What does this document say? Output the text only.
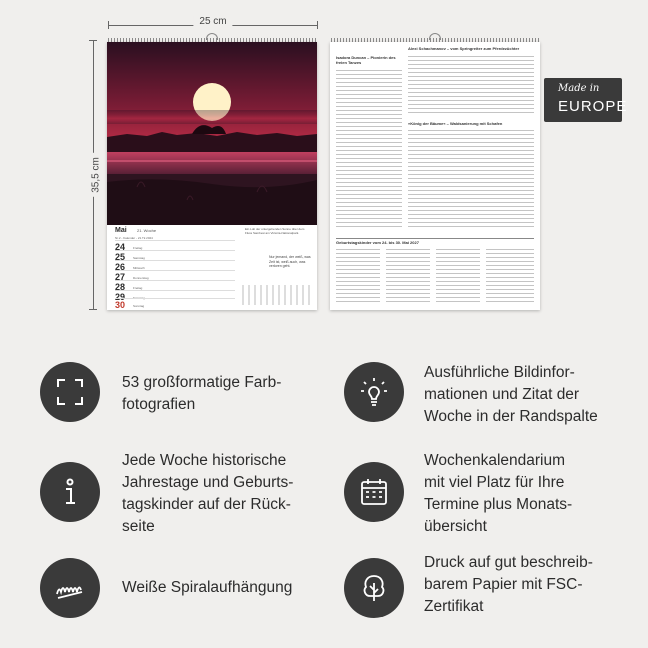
25 cm
35,5 cm
Mai	21. Woche
Nr.2 - Kalender - 21.Tk 2024
24	Freitag
25	Samstag
26	Mittwoch
27	Donnerstag
28	Freitag
29	Samstag
30	Sonntag
Ein Lob der untergehenden Sonne über dem Fluss Sambesi am Victoria-Nationalpark.
Nur jemand, der weiß, was Zeit ist, weiß auch, was verloren geht.
Isadora Duncan – Pionierin des freien Tanzes
Alexi Schachmanov – vom Springreiter zum Pferdezüchter
»König der Bäume« – Waldsanierung mit Schafen
Geburtstagskinder vom 24. bis 30. Mai 2027
Made in
EUROPE
53 großformatige Farb-
fotografien
Ausführliche Bildinfor-
mationen und Zitat der
Woche in der Randspalte
Jede Woche historische
Jahrestage und Geburts-
tagskinder auf der Rück-
seite
Wochenkalendarium
mit viel Platz für Ihre
Termine plus Monats-
übersicht
Weiße Spiralaufhängung
Druck auf gut beschreib-
barem Papier mit FSC-
Zertifikat
